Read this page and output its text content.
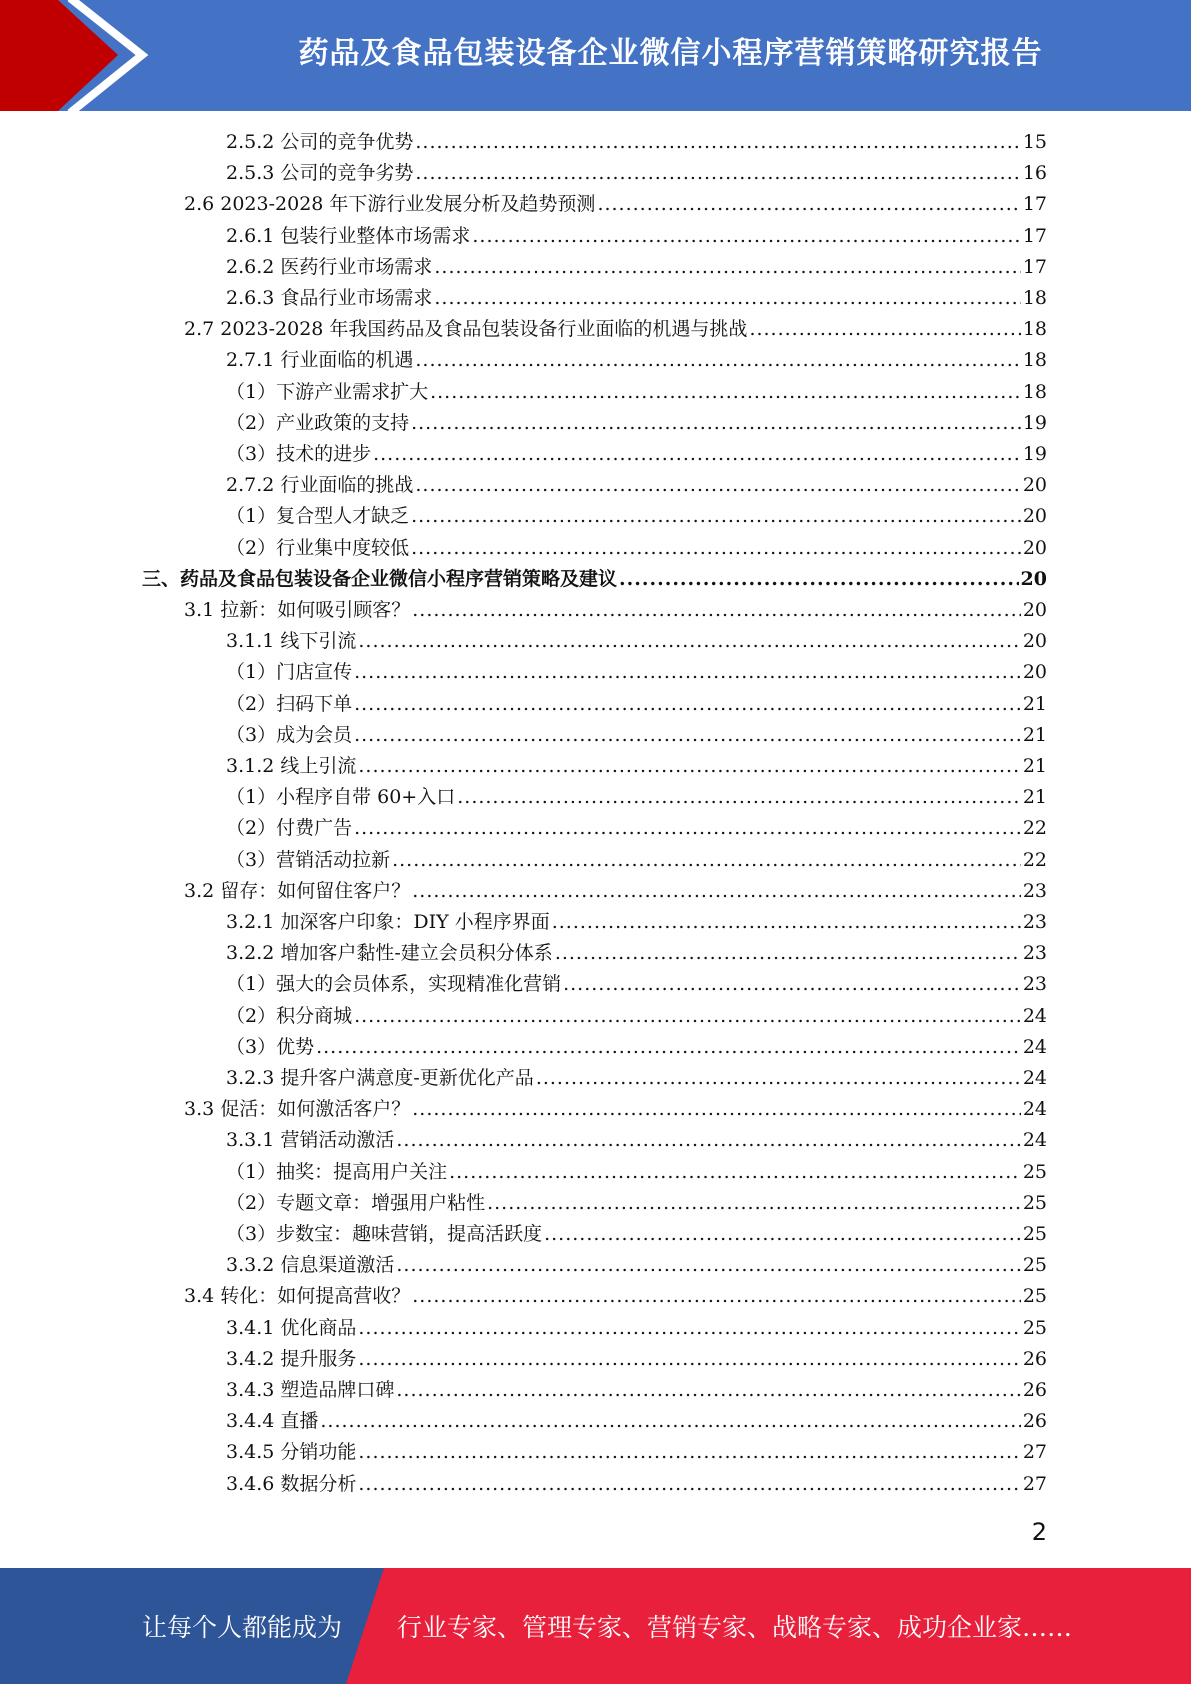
药品及食品包装设备企业微信小程序营销策略研究报告
2.5.2 公司的竞争优势 .....	15
2.5.3 公司的竞争劣势 .....	16
2.6 2023-2028 年下游行业发展分析及趋势预测 .....	17
2.6.1 包装行业整体市场需求 .....	17
2.6.2 医药行业市场需求 .....	17
2.6.3 食品行业市场需求 .....	18
2.7 2023-2028 年我国药品及食品包装设备行业面临的机遇与挑战 .....	18
2.7.1 行业面临的机遇 .....	18
（1）下游产业需求扩大 .....	18
（2）产业政策的支持 .....	19
（3）技术的进步 .....	19
2.7.2 行业面临的挑战 .....	20
（1）复合型人才缺乏 .....	20
（2）行业集中度较低 .....	20
三、药品及食品包装设备企业微信小程序营销策略及建议 .....	20
3.1 拉新：如何吸引顾客？ .....	20
3.1.1 线下引流 .....	20
（1）门店宣传 .....	20
（2）扫码下单 .....	21
（3）成为会员 .....	21
3.1.2 线上引流 .....	21
（1）小程序自带 60+入口 .....	21
（2）付费广告 .....	22
（3）营销活动拉新 .....	22
3.2 留存：如何留住客户？ .....	23
3.2.1 加深客户印象：DIY 小程序界面 .....	23
3.2.2 增加客户黏性-建立会员积分体系 .....	23
（1）强大的会员体系，实现精准化营销 .....	23
（2）积分商城 .....	24
（3）优势 .....	24
3.2.3 提升客户满意度-更新优化产品 .....	24
3.3 促活：如何激活客户？ .....	24
3.3.1 营销活动激活 .....	24
（1）抽奖：提高用户关注 .....	25
（2）专题文章：增强用户粘性 .....	25
（3）步数宝：趣味营销，提高活跃度 .....	25
3.3.2 信息渠道激活 .....	25
3.4 转化：如何提高营收？ .....	25
3.4.1 优化商品 .....	25
3.4.2 提升服务 .....	26
3.4.3 塑造品牌口碑 .....	26
3.4.4 直播 .....	26
3.4.5 分销功能 .....	27
3.4.6 数据分析 .....	27
2
让每个人都能成为 行业专家、管理专家、营销专家、战略专家、成功企业家……
